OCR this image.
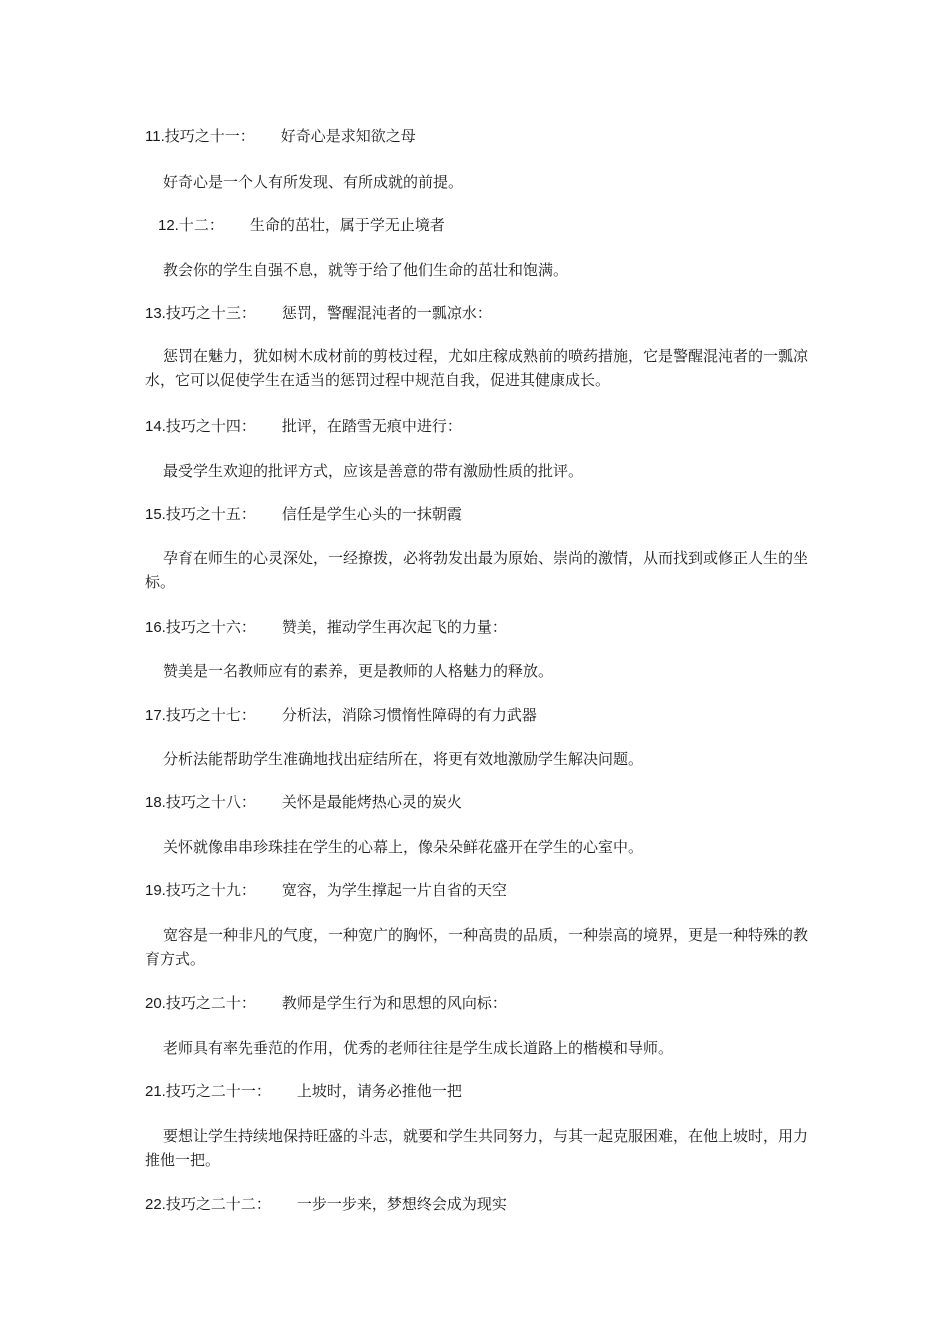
11.技巧之十一： 好奇心是求知欲之母
好奇心是一个人有所发现、有所成就的前提。
12.十二： 生命的茁壮，属于学无止境者
教会你的学生自强不息，就等于给了他们生命的茁壮和饱满。
13.技巧之十三： 惩罚，警醒混沌者的一瓢凉水：
惩罚在魅力，犹如树木成材前的剪枝过程，尤如庄稼成熟前的喷药措施，它是警醒混沌者的一瓢凉水，它可以促使学生在适当的惩罚过程中规范自我，促进其健康成长。
14.技巧之十四： 批评，在踏雪无痕中进行：
最受学生欢迎的批评方式，应该是善意的带有激励性质的批评。
15.技巧之十五： 信任是学生心头的一抹朝霞
孕育在师生的心灵深处，一经撩拨，必将勃发出最为原始、崇尚的激情，从而找到或修正人生的坐标。
16.技巧之十六： 赞美，摧动学生再次起飞的力量：
赞美是一名教师应有的素养，更是教师的人格魅力的释放。
17.技巧之十七： 分析法，消除习惯惰性障碍的有力武器
分析法能帮助学生准确地找出症结所在，将更有效地激励学生解决问题。
18.技巧之十八： 关怀是最能烤热心灵的炭火
关怀就像串串珍珠挂在学生的心幕上，像朵朵鲜花盛开在学生的心室中。
19.技巧之十九： 宽容，为学生撑起一片自省的天空
宽容是一种非凡的气度，一种宽广的胸怀，一种高贵的品质，一种崇高的境界，更是一种特殊的教育方式。
20.技巧之二十： 教师是学生行为和思想的风向标：
老师具有率先垂范的作用，优秀的老师往往是学生成长道路上的楷模和导师。
21.技巧之二十一： 上坡时，请务必推他一把
要想让学生持续地保持旺盛的斗志，就要和学生共同努力，与其一起克服困难，在他上坡时，用力推他一把。
22.技巧之二十二： 一步一步来，梦想终会成为现实
